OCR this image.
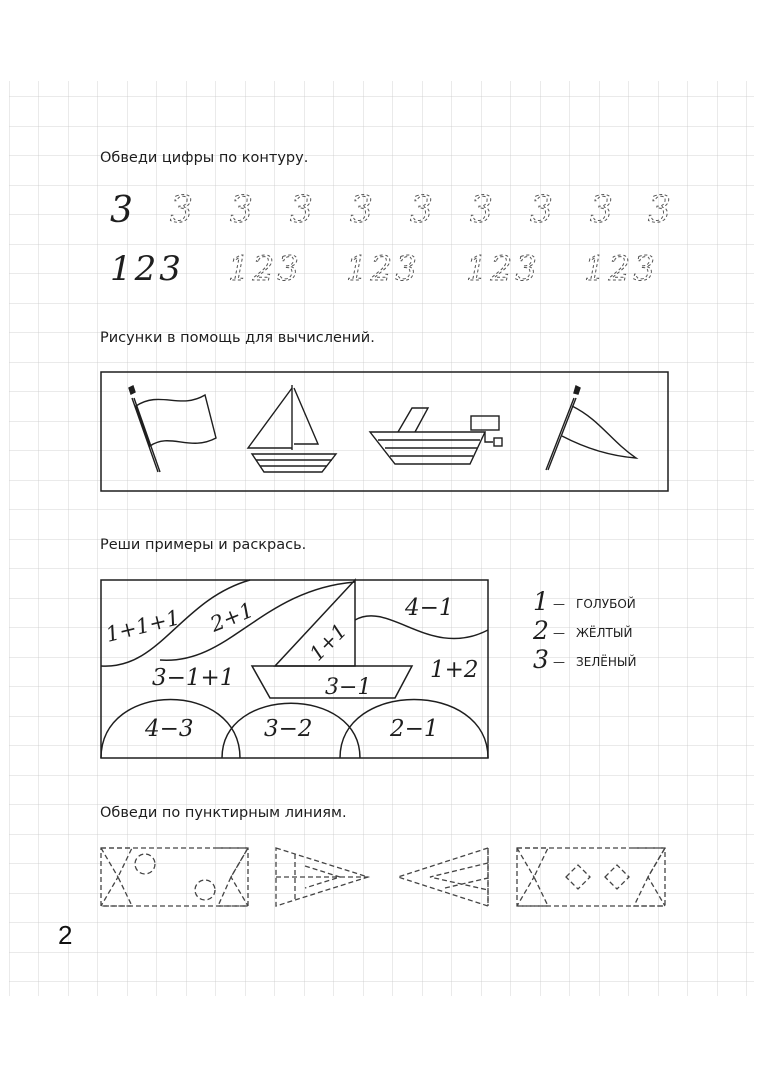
Обведи цифры по контуру.
3 3 3 3 3 3 3 3 3 3
123 123 123 123 123
Рисунки в помощь для вычислений.
Реши примеры и раскрась.
1+1+1 2+1
1+1
4−1
3−1+1	1+2
3−1
4−3	3−2	2−1
1 — ГОЛУБОЙ
2 — ЖЁЛТЫЙ
3 — ЗЕЛЁНЫЙ
Обведи по пунктирным линиям.
2
